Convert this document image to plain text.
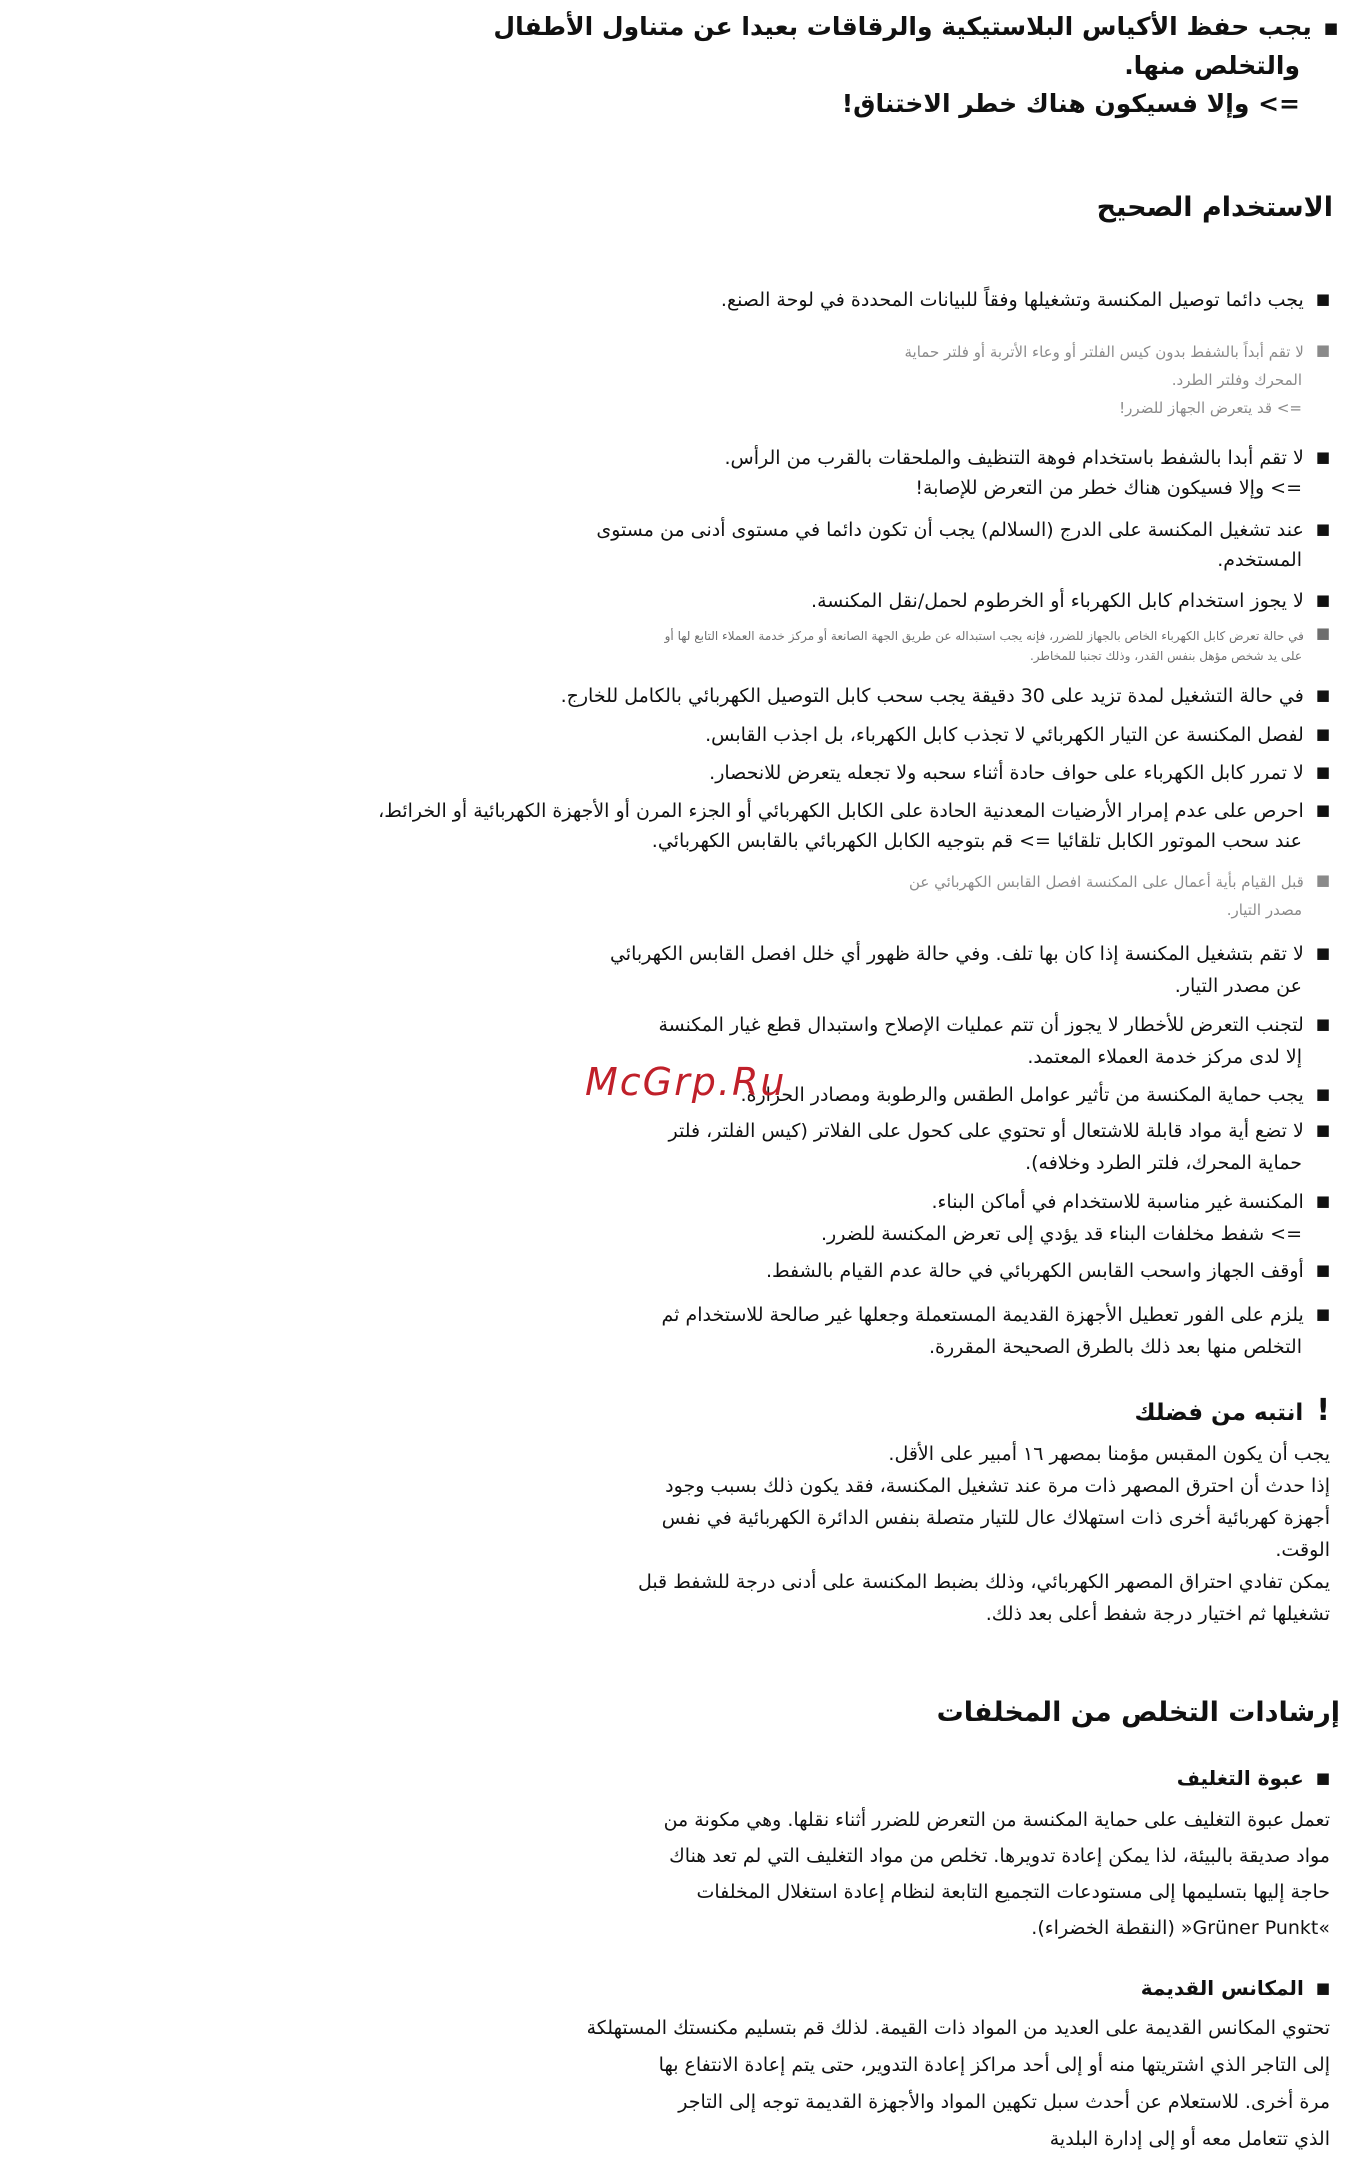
■ يجب حفظ الأكياس البلاستيكية والرقاقات بعيدا عن متناول الأطفال
والتخلص منها.
=> وإلا فسيكون هناك خطر الاختناق!
الاستخدام الصحيح
■ يجب دائما توصيل المكنسة وتشغيلها وفقاً للبيانات المحددة في لوحة الصنع.
■ لا تقم أبداً بالشفط بدون كيس الفلتر أو وعاء الأتربة أو فلتر حماية
المحرك وفلتر الطرد.
=> قد يتعرض الجهاز للضرر!
■ لا تقم أبدا بالشفط باستخدام فوهة التنظيف والملحقات بالقرب من الرأس.
=> وإلا فسيكون هناك خطر من التعرض للإصابة!
■ عند تشغيل المكنسة على الدرج (السلالم) يجب أن تكون دائما في مستوى أدنى من مستوى
المستخدم.
■ لا يجوز استخدام كابل الكهرباء أو الخرطوم لحمل/نقل المكنسة.
■ في حالة تعرض كابل الكهرباء الخاص بالجهاز للضرر، فإنه يجب استبداله عن طريق الجهة الصانعة أو مركز خدمة العملاء التابع لها أو
على يد شخص مؤهل بنفس القدر، وذلك تجنبا للمخاطر.
■ في حالة التشغيل لمدة تزيد على 30 دقيقة يجب سحب كابل التوصيل الكهربائي بالكامل للخارج.
■ لفصل المكنسة عن التيار الكهربائي لا تجذب كابل الكهرباء، بل اجذب القابس.
■ لا تمرر كابل الكهرباء على حواف حادة أثناء سحبه ولا تجعله يتعرض للانحصار.
■ احرص على عدم إمرار الأرضيات المعدنية الحادة على الكابل الكهربائي أو الجزء المرن أو الأجهزة الكهربائية أو الخرائط،
عند سحب الموتور الكابل تلقائيا => قم بتوجيه الكابل الكهربائي بالقابس الكهربائي.
■ قبل القيام بأية أعمال على المكنسة افصل القابس الكهربائي عن
مصدر التيار.
■ لا تقم بتشغيل المكنسة إذا كان بها تلف. وفي حالة ظهور أي خلل افصل القابس الكهربائي
عن مصدر التيار.
■ لتجنب التعرض للأخطار لا يجوز أن تتم عمليات الإصلاح واستبدال قطع غيار المكنسة
إلا لدى مركز خدمة العملاء المعتمد.
■ يجب حماية المكنسة من تأثير عوامل الطقس والرطوبة ومصادر الحرارة.
■ لا تضع أية مواد قابلة للاشتعال أو تحتوي على كحول على الفلاتر (كيس الفلتر، فلتر
حماية المحرك، فلتر الطرد وخلافه).
■ المكنسة غير مناسبة للاستخدام في أماكن البناء.
=> شفط مخلفات البناء قد يؤدي إلى تعرض المكنسة للضرر.
■ أوقف الجهاز واسحب القابس الكهربائي في حالة عدم القيام بالشفط.
■ يلزم على الفور تعطيل الأجهزة القديمة المستعملة وجعلها غير صالحة للاستخدام ثم
التخلص منها بعد ذلك بالطرق الصحيحة المقررة.
! انتبه من فضلك
يجب أن يكون المقبس مؤمنا بمصهر ١٦ أمبير على الأقل.
إذا حدث أن احترق المصهر ذات مرة عند تشغيل المكنسة، فقد يكون ذلك بسبب وجود
أجهزة كهربائية أخرى ذات استهلاك عال للتيار متصلة بنفس الدائرة الكهربائية في نفس
الوقت.
يمكن تفادي احتراق المصهر الكهربائي، وذلك بضبط المكنسة على أدنى درجة للشفط قبل
تشغيلها ثم اختيار درجة شفط أعلى بعد ذلك.
إرشادات التخلص من المخلفات
■ عبوة التغليف
تعمل عبوة التغليف على حماية المكنسة من التعرض للضرر أثناء نقلها. وهي مكونة من
مواد صديقة بالبيئة، لذا يمكن إعادة تدويرها. تخلص من مواد التغليف التي لم تعد هناك
حاجة إليها بتسليمها إلى مستودعات التجميع التابعة لنظام إعادة استغلال المخلفات
»Grüner Punkt« (النقطة الخضراء).
■ المكانس القديمة
تحتوي المكانس القديمة على العديد من المواد ذات القيمة. لذلك قم بتسليم مكنستك المستهلكة
إلى التاجر الذي اشتريتها منه أو إلى أحد مراكز إعادة التدوير، حتى يتم إعادة الانتفاع بها
مرة أخرى. للاستعلام عن أحدث سبل تكهين المواد والأجهزة القديمة توجه إلى التاجر
الذي تتعامل معه أو إلى إدارة البلدية
McGrp.Ru
